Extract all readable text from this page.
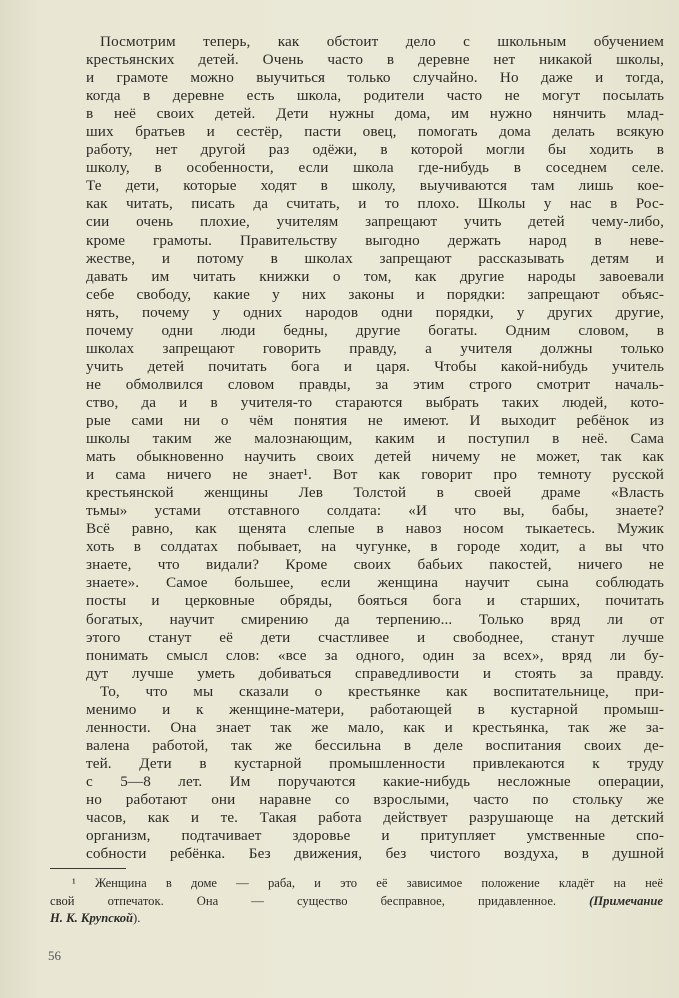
Посмотрим теперь, как обстоит дело с школьным обучением
крестьянских детей. Очень часто в деревне нет никакой школы,
и грамоте можно выучиться только случайно. Но даже и тогда,
когда в деревне есть школа, родители часто не могут посылать
в неё своих детей. Дети нужны дома, им нужно нянчить млад-
ших братьев и сестёр, пасти овец, помогать дома делать всякую
работу, нет другой раз одёжи, в которой могли бы ходить в
школу, в особенности, если школа где-нибудь в соседнем селе.
Те дети, которые ходят в школу, выучиваются там лишь кое-
как читать, писать да считать, и то плохо. Школы у нас в Рос-
сии очень плохие, учителям запрещают учить детей чему-либо,
кроме грамоты. Правительству выгодно держать народ в неве-
жестве, и потому в школах запрещают рассказывать детям и
давать им читать книжки о том, как другие народы завоевали
себе свободу, какие у них законы и порядки: запрещают объяс-
нять, почему у одних народов одни порядки, у других другие,
почему одни люди бедны, другие богаты. Одним словом, в
школах запрещают говорить правду, а учителя должны только
учить детей почитать бога и царя. Чтобы какой-нибудь учитель
не обмолвился словом правды, за этим строго смотрит началь-
ство, да и в учителя-то стараются выбрать таких людей, кото-
рые сами ни о чём понятия не имеют. И выходит ребёнок из
школы таким же малознающим, каким и поступил в неё. Сама
мать обыкновенно научить своих детей ничему не может, так как
и сама ничего не знает¹. Вот как говорит про темноту русской
крестьянской женщины Лев Толстой в своей драме «Власть
тьмы» устами отставного солдата: «И что вы, бабы, знаете?
Всё равно, как щенята слепые в навоз носом тыкаетесь. Мужик
хоть в солдатах побывает, на чугунке, в городе ходит, а вы что
знаете, что видали? Кроме своих бабьих пакостей, ничего не
знаете». Самое большее, если женщина научит сына соблюдать
посты и церковные обряды, бояться бога и старших, почитать
богатых, научит смирению да терпению... Только вряд ли от
этого станут её дети счастливее и свободнее, станут лучше
понимать смысл слов: «все за одного, один за всех», вряд ли бу-
дут лучше уметь добиваться справедливости и стоять за правду.
То, что мы сказали о крестьянке как воспитательнице, при-
менимо и к женщине-матери, работающей в кустарной промыш-
ленности. Она знает так же мало, как и крестьянка, так же за-
валена работой, так же бессильна в деле воспитания своих де-
тей. Дети в кустарной промышленности привлекаются к труду
с 5—8 лет. Им поручаются какие-нибудь несложные операции,
но работают они наравне со взрослыми, часто по стольку же
часов, как и те. Такая работа действует разрушающе на детский
организм, подтачивает здоровье и притупляет умственные спо-
собности ребёнка. Без движения, без чистого воздуха, в душной
¹ Женщина в доме — раба, и это её зависимое положение кладёт на неё
свой отпечаток. Она — существо бесправное, придавленное.	(Примечание
Н. К. Крупской).
56
